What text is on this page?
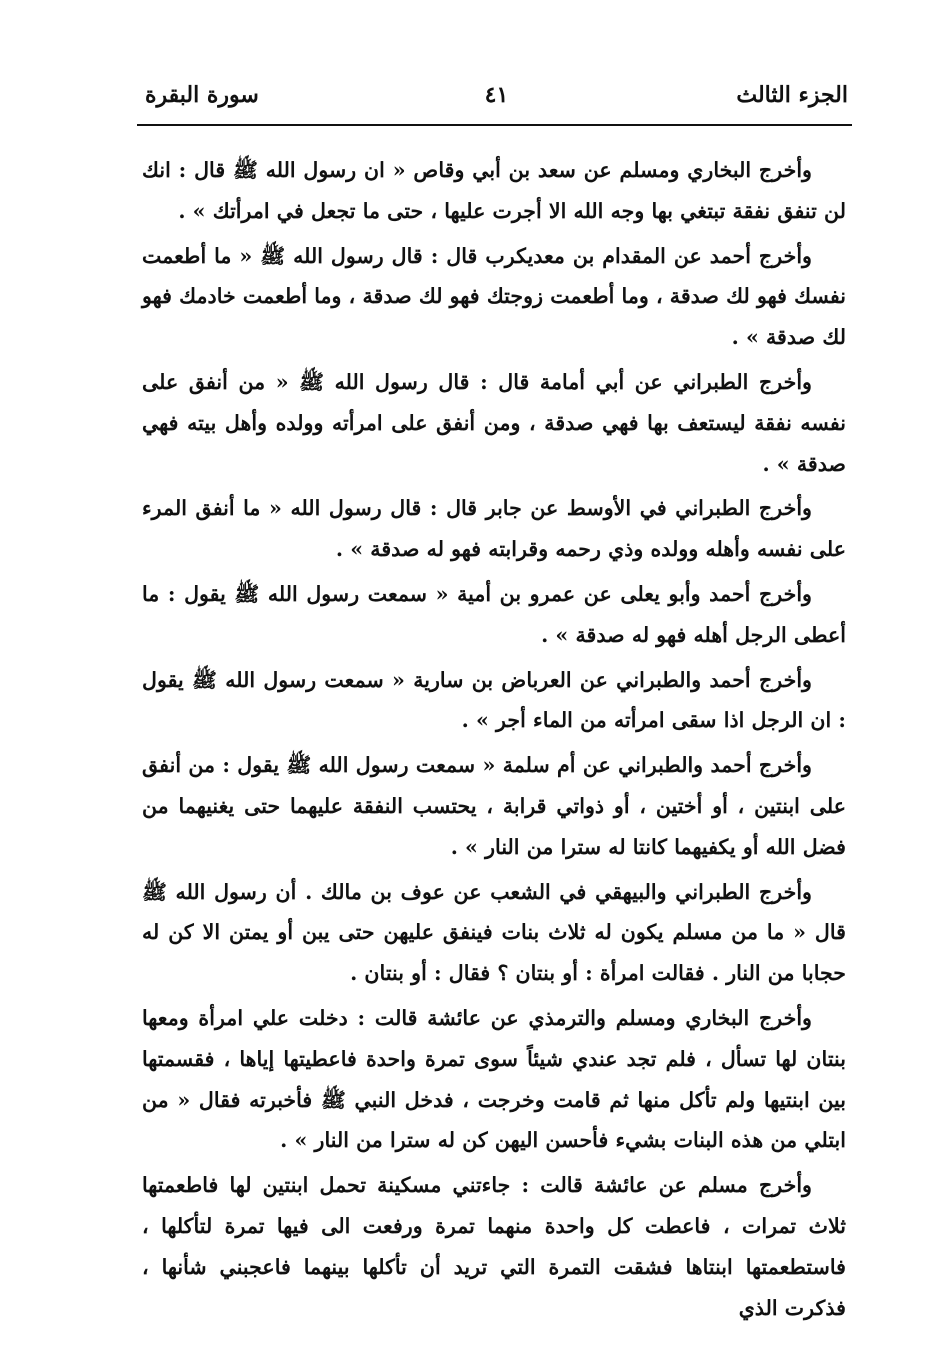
الجزء الثالث
٤١
سورة البقرة

وأخرج البخاري ومسلم عن سعد بن أبي وقاص « ان رسول الله ﷺ قال : انك لن تنفق نفقة تبتغي بها وجه الله الا أجرت عليها ، حتى ما تجعل في امرأتك » .

وأخرج أحمد عن المقدام بن معديكرب قال : قال رسول الله ﷺ « ما أطعمت نفسك فهو لك صدقة ، وما أطعمت زوجتك فهو لك صدقة ، وما أطعمت خادمك فهو لك صدقة » .

وأخرج الطبراني عن أبي أمامة قال : قال رسول الله ﷺ « من أنفق على نفسه نفقة ليستعف بها فهي صدقة ، ومن أنفق على امرأته وولده وأهل بيته فهي صدقة » .

وأخرج الطبراني في الأوسط عن جابر قال : قال رسول الله « ما أنفق المرء على نفسه وأهله وولده وذي رحمه وقرابته فهو له صدقة » .

وأخرج أحمد وأبو يعلى عن عمرو بن أمية « سمعت رسول الله ﷺ يقول : ما أعطى الرجل أهله فهو له صدقة » .

وأخرج أحمد والطبراني عن العرباض بن سارية « سمعت رسول الله ﷺ يقول : ان الرجل اذا سقى امرأته من الماء أجر » .

وأخرج أحمد والطبراني عن أم سلمة « سمعت رسول الله ﷺ يقول : من أنفق على ابنتين ، أو أختين ، أو ذواتي قرابة ، يحتسب النفقة عليهما حتى يغنيهما من فضل الله أو يكفيهما كانتا له سترا من النار » .

وأخرج الطبراني والبيهقي في الشعب عن عوف بن مالك . أن رسول الله ﷺ قال « ما من مسلم يكون له ثلاث بنات فينفق عليهن حتى يبن أو يمتن الا كن له حجابا من النار . فقالت امرأة : أو بنتان ؟ فقال : أو بنتان .

وأخرج البخاري ومسلم والترمذي عن عائشة قالت : دخلت علي امرأة ومعها بنتان لها تسأل ، فلم تجد عندي شيئاً سوى تمرة واحدة فاعطيتها إياها ، فقسمتها بين ابنتيها ولم تأكل منها ثم قامت وخرجت ، فدخل النبي ﷺ فأخبرته فقال « من ابتلي من هذه البنات بشيء فأحسن اليهن كن له سترا من النار » .

وأخرج مسلم عن عائشة قالت : جاءتني مسكينة تحمل ابنتين لها فاطعمتها ثلاث تمرات ، فاعطت كل واحدة منهما تمرة ورفعت الى فيها تمرة لتأكلها ، فاستطعمتها ابنتاها فشقت التمرة التي تريد أن تأكلها بينهما فاعجبني شأنها ، فذكرت الذي
